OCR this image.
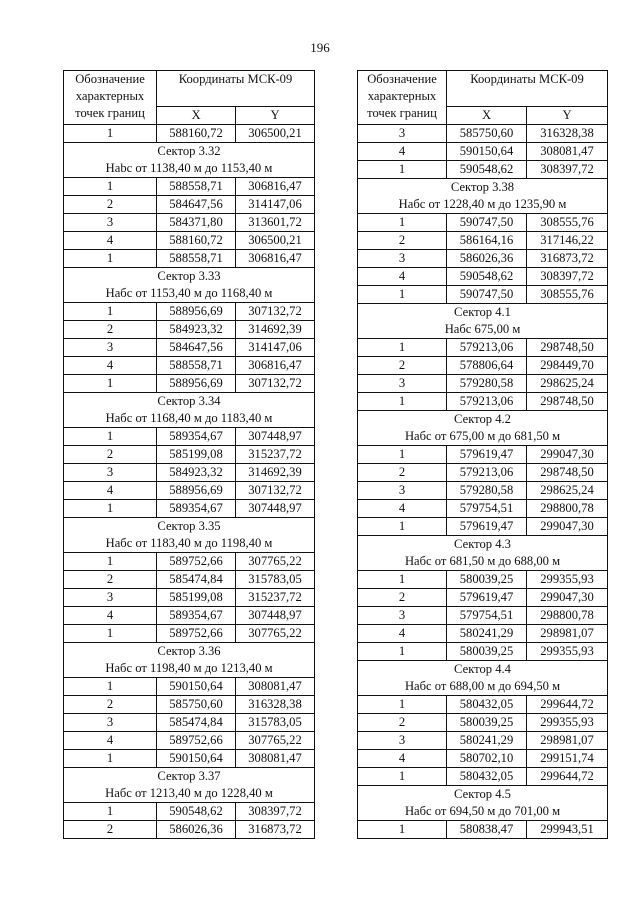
196
Обозначение характерных точек границ	Координаты МСК-09	
	X	Y
1	588160,72	306500,21
Сектор 3.32		
Нabс от 1138,40 м до 1153,40 м		
1	588558,71	306816,47
2	584647,56	314147,06
3	584371,80	313601,72
4	588160,72	306500,21
1	588558,71	306816,47
Сектор 3.33		
Набс от 1153,40 м до 1168,40 м		
1	588956,69	307132,72
2	584923,32	314692,39
3	584647,56	314147,06
4	588558,71	306816,47
1	588956,69	307132,72
Сектор 3.34		
Набс от 1168,40 м до 1183,40 м		
1	589354,67	307448,97
2	585199,08	315237,72
3	584923,32	314692,39
4	588956,69	307132,72
1	589354,67	307448,97
Сектор 3.35		
Набс от 1183,40 м до 1198,40 м		
1	589752,66	307765,22
2	585474,84	315783,05
3	585199,08	315237,72
4	589354,67	307448,97
1	589752,66	307765,22
Сектор 3.36		
Набс от 1198,40 м до 1213,40 м		
1	590150,64	308081,47
2	585750,60	316328,38
3	585474,84	315783,05
4	589752,66	307765,22
1	590150,64	308081,47
Сектор 3.37		
Набс от 1213,40 м до 1228,40 м		
1	590548,62	308397,72
2	586026,36	316873,72
Обозначение характерных точек границ	Координаты МСК-09	
	X	Y
3	585750,60	316328,38
4	590150,64	308081,47
1	590548,62	308397,72
Сектор 3.38		
Набс от 1228,40 м до 1235,90 м		
1	590747,50	308555,76
2	586164,16	317146,22
3	586026,36	316873,72
4	590548,62	308397,72
1	590747,50	308555,76
Сектор 4.1		
Набс 675,00 м		
1	579213,06	298748,50
2	578806,64	298449,70
3	579280,58	298625,24
1	579213,06	298748,50
Сектор 4.2		
Набс от 675,00 м до 681,50 м		
1	579619,47	299047,30
2	579213,06	298748,50
3	579280,58	298625,24
4	579754,51	298800,78
1	579619,47	299047,30
Сектор 4.3		
Набс от 681,50 м до 688,00 м		
1	580039,25	299355,93
2	579619,47	299047,30
3	579754,51	298800,78
4	580241,29	298981,07
1	580039,25	299355,93
Сектор 4.4		
Набс от 688,00 м до 694,50 м		
1	580432,05	299644,72
2	580039,25	299355,93
3	580241,29	298981,07
4	580702,10	299151,74
1	580432,05	299644,72
Сектор 4.5		
Набс от 694,50 м до 701,00 м		
1	580838,47	299943,51
